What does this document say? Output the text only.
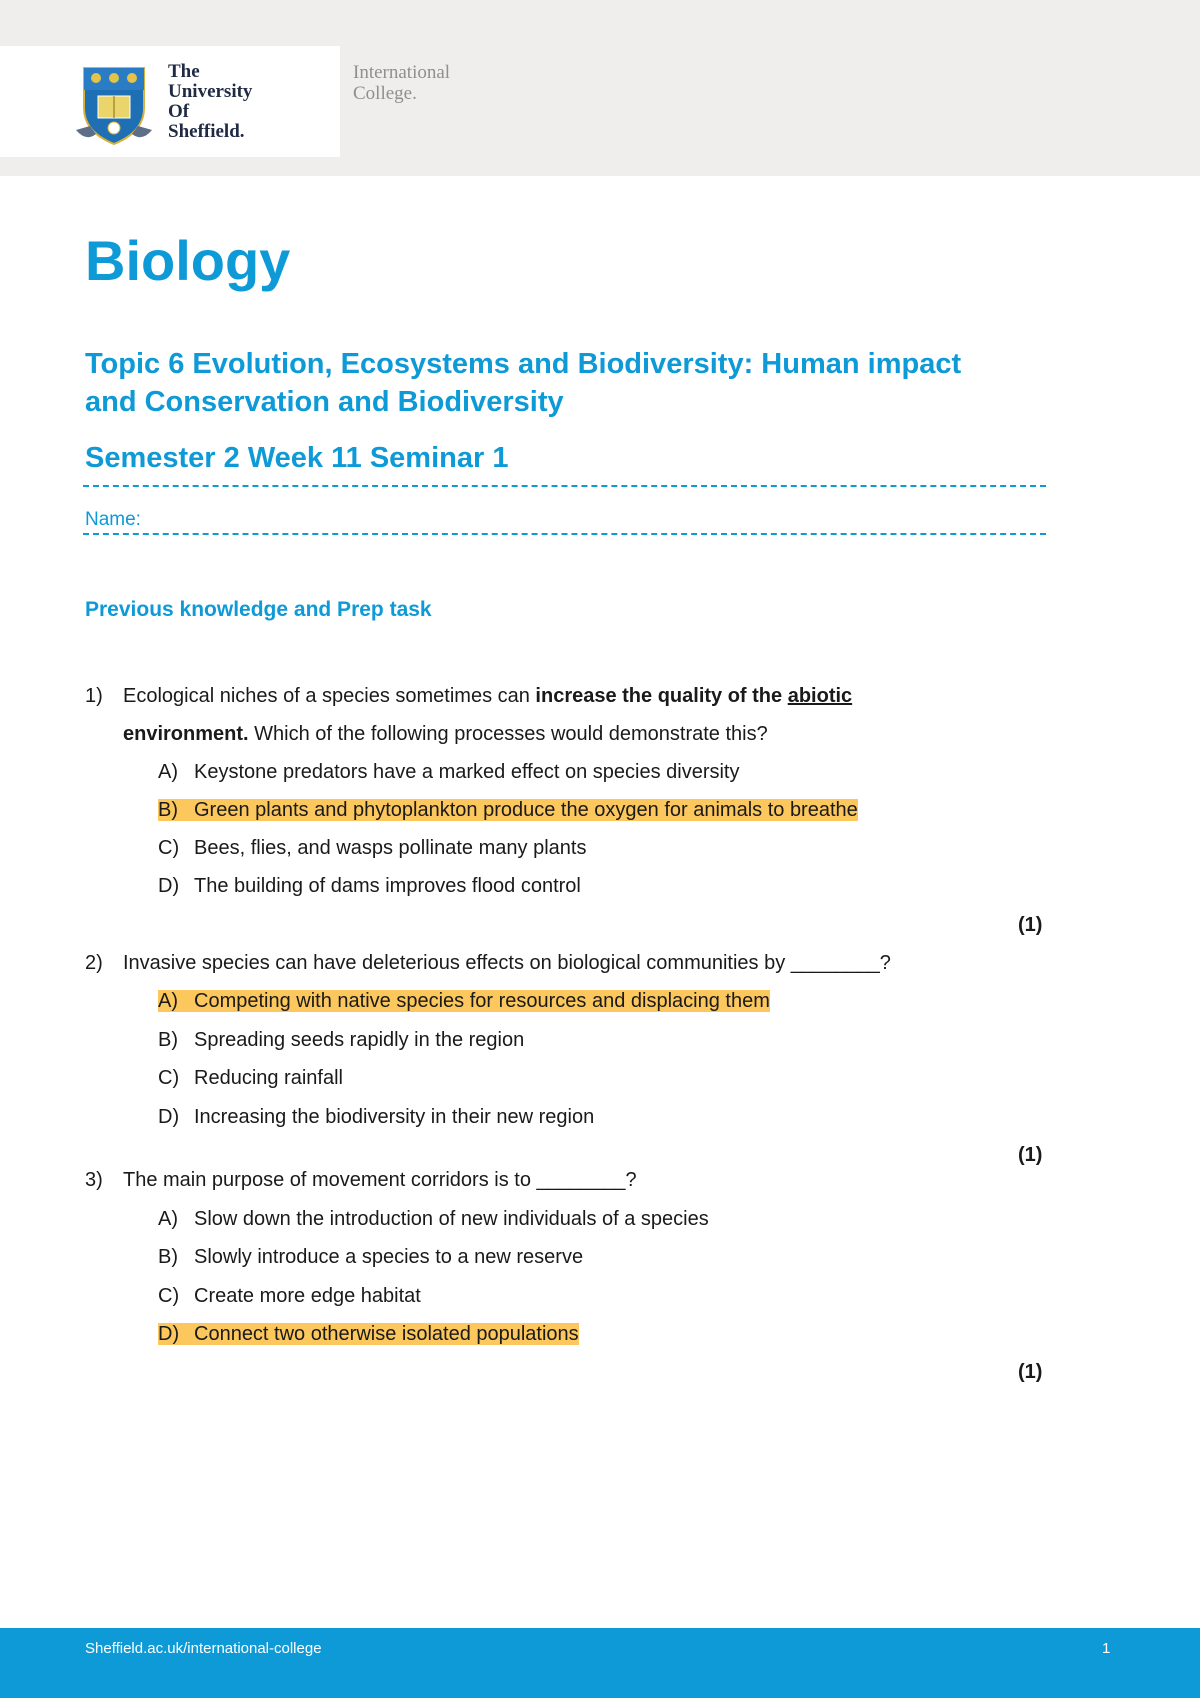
The
University
Of
Sheffield.
International
College.
Biology
Topic 6 Evolution, Ecosystems and Biodiversity: Human impact and Conservation and Biodiversity
Semester 2 Week 11 Seminar 1
Name:
Previous knowledge and Prep task
1) Ecological niches of a species sometimes can increase the quality of the abiotic
environment. Which of the following processes would demonstrate this?
A) Keystone predators have a marked effect on species diversity
B) Green plants and phytoplankton produce the oxygen for animals to breathe
C) Bees, flies, and wasps pollinate many plants
D) The building of dams improves flood control
(1)
2) Invasive species can have deleterious effects on biological communities by ________?
A) Competing with native species for resources and displacing them
B) Spreading seeds rapidly in the region
C) Reducing rainfall
D) Increasing the biodiversity in their new region
(1)
3) The main purpose of movement corridors is to ________?
A) Slow down the introduction of new individuals of a species
B) Slowly introduce a species to a new reserve
C) Create more edge habitat
D) Connect two otherwise isolated populations
(1)
Sheffield.ac.uk/international-college	1
